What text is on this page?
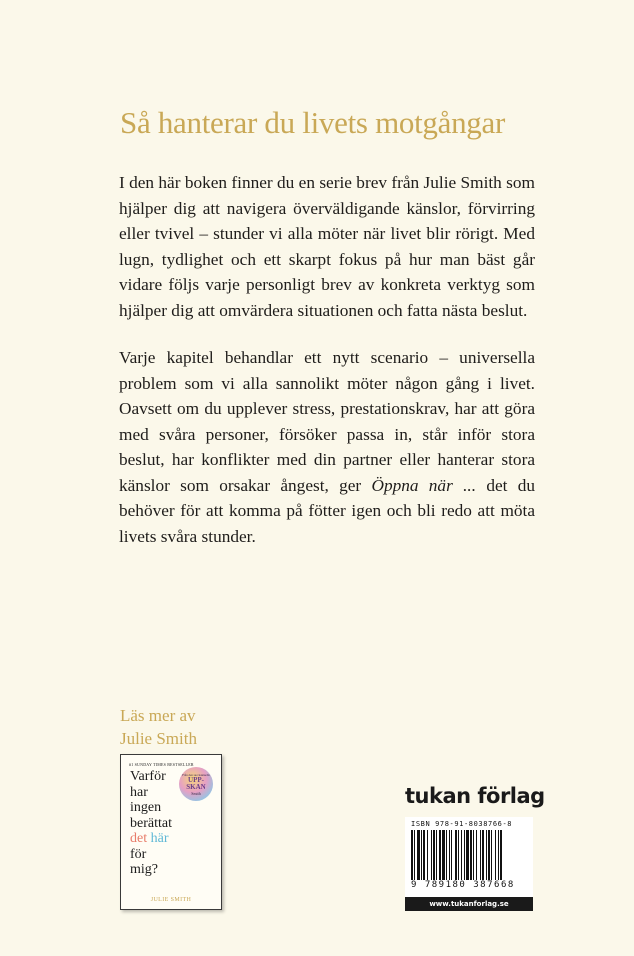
Så hanterar du livets motgångar

I den här boken finner du en serie brev från Julie Smith som hjälper dig att navigera överväldigande känslor, förvirring eller tvivel – stunder vi alla möter när livet blir rörigt. Med lugn, tydlighet och ett skarpt fokus på hur man bäst går vidare följs varje personligt brev av konkreta verktyg som hjälper dig att omvärdera situationen och fatta nästa beslut.

Varje kapitel behandlar ett nytt scenario – universella problem som vi alla sannolikt möter någon gång i livet. Oavsett om du upplever stress, prestationskrav, har att göra med svåra personer, försöker passa in, står inför stora beslut, har konflikter med din partner eller hanterar stora känslor som orsakar ångest, ger Öppna när ... det du behöver för att komma på fötter igen och bli redo att möta livets svåra stunder.

Läs mer av
Julie Smith
#1 SUNDAY TIMES BESTSELLER
Från den succéaktuella
UPP-
SKAN
Smith
Varför
har
ingen
berättat
det här
för
mig?
JULIE SMITH
tukan förlag
ISBN 978-91-8038766-8
9 789180 387668
www.tukanforlag.se
